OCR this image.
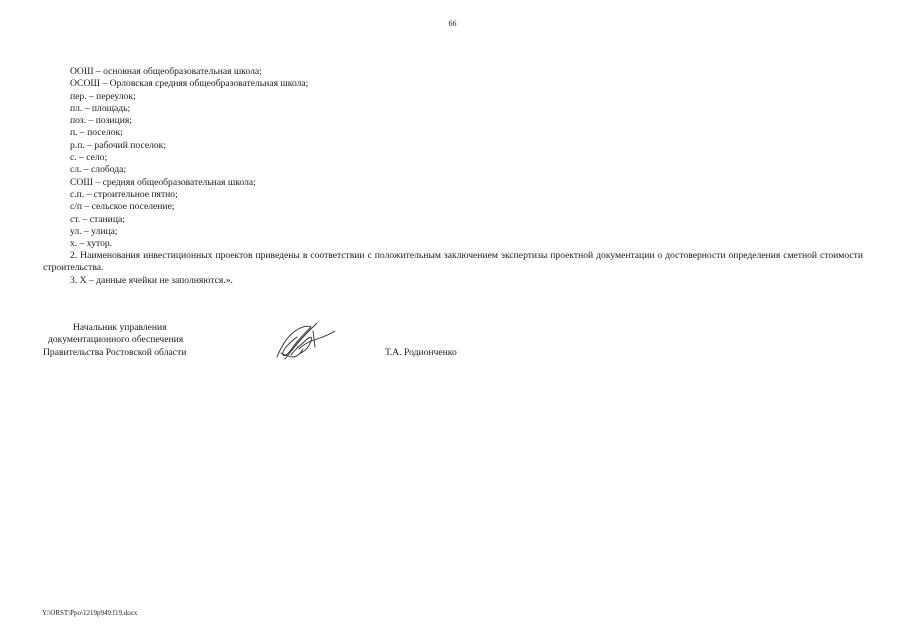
66
ООШ – основная общеобразовательная школа;
ОСОШ – Орловская средняя общеобразовательная школа;
пер. – переулок;
пл. – площадь;
поз. – позиция;
п. – поселок;
р.п. – рабочий поселок;
с. – село;
сл. – слобода;
СОШ – средняя общеобразовательная школа;
с.п. – строительное пятно;
с/п – сельское поселение;
ст. – станица;
ул. – улица;
х. – хутор.

2. Наименования инвестиционных проектов приведены в соответствии с положительным заключением экспертизы проектной документации о достоверности определения сметной стоимости строительства.

3. Х – данные ячейки не заполняются.».

Начальник управления
документационного обеспечения
Правительства Ростовской области	Т.А. Родионченко
Y:\ORST\Ppo\1219p949.f19.docx
